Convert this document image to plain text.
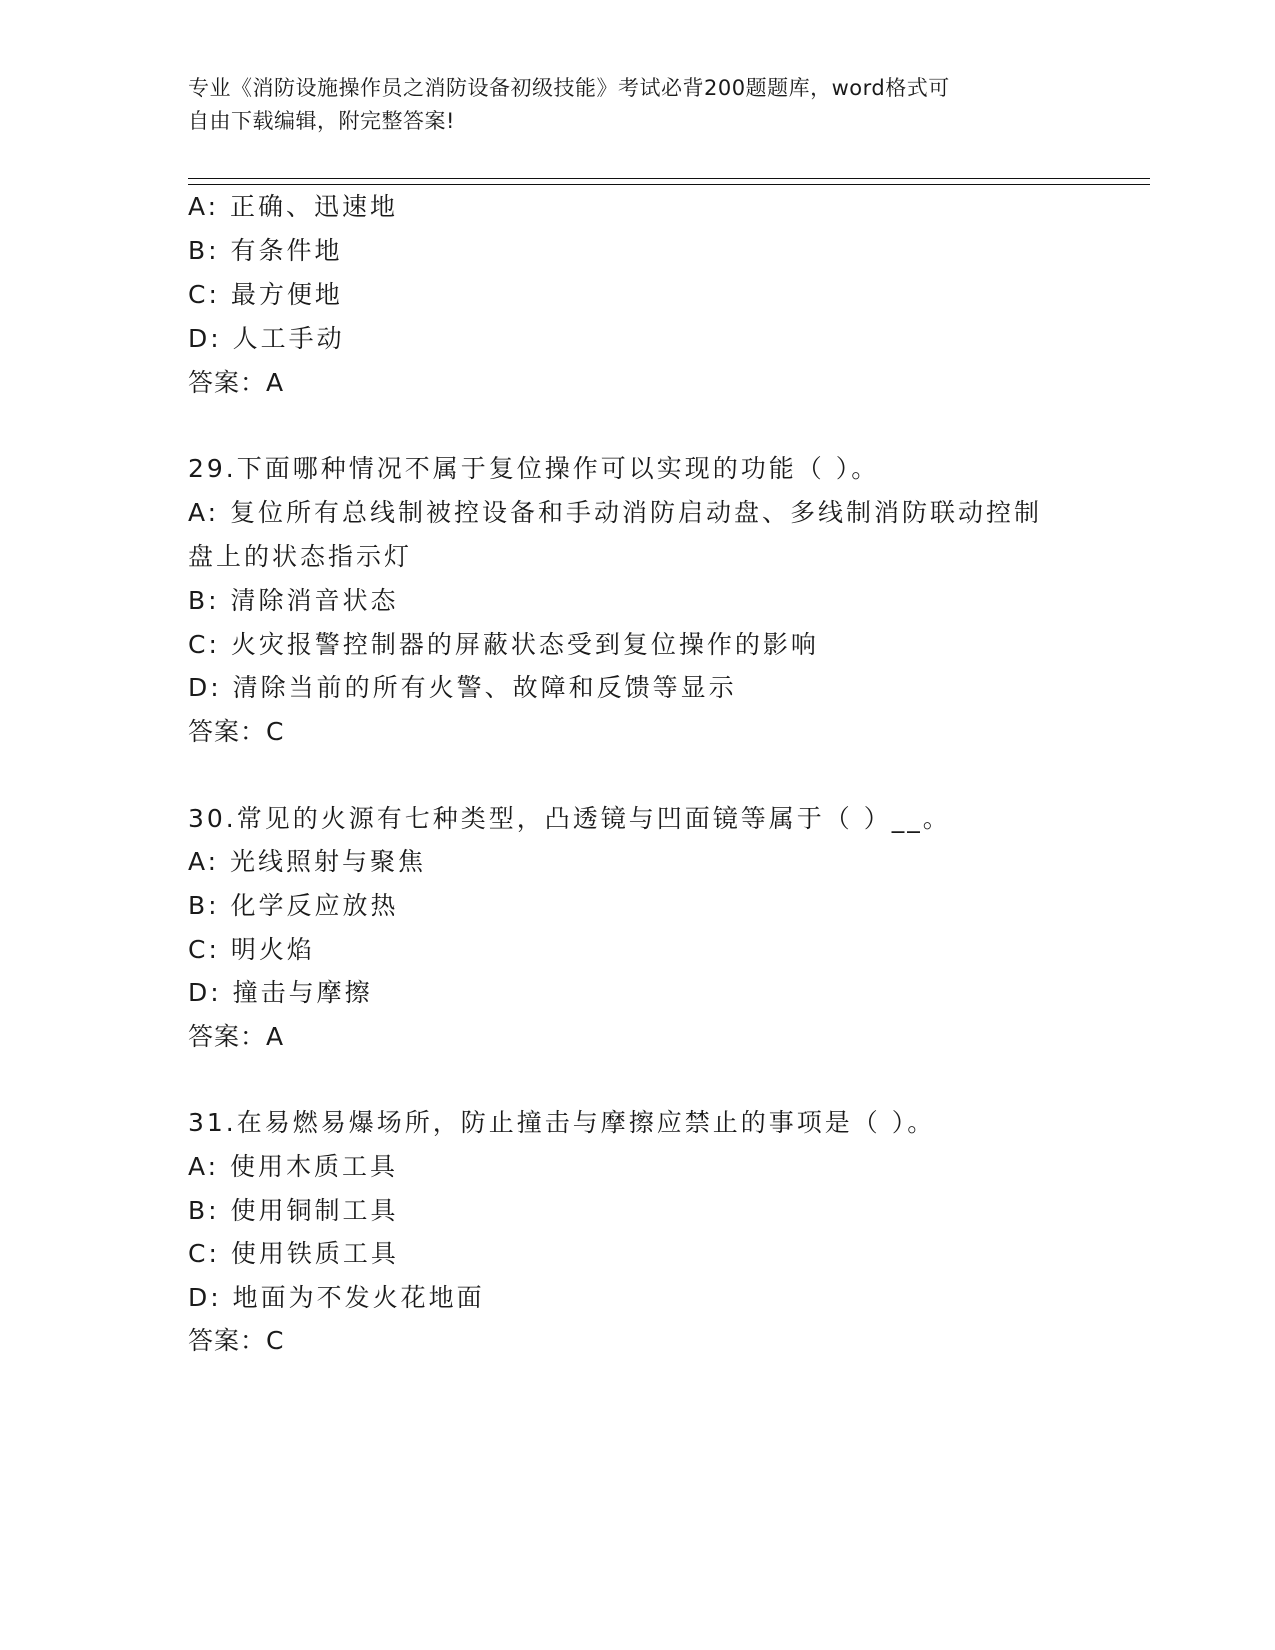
专业《消防设施操作员之消防设备初级技能》考试必背200题题库，word格式可
自由下载编辑，附完整答案!
A: 正确、迅速地
B: 有条件地
C: 最方便地
D: 人工手动
答案：A
29.下面哪种情况不属于复位操作可以实现的功能（ ）。
A: 复位所有总线制被控设备和手动消防启动盘、多线制消防联动控制
盘上的状态指示灯
B: 清除消音状态
C: 火灾报警控制器的屏蔽状态受到复位操作的影响
D: 清除当前的所有火警、故障和反馈等显示
答案：C
30.常见的火源有七种类型，凸透镜与凹面镜等属于（ ）__。
A: 光线照射与聚焦
B: 化学反应放热
C: 明火焰
D: 撞击与摩擦
答案：A
31.在易燃易爆场所，防止撞击与摩擦应禁止的事项是（ ）。
A: 使用木质工具
B: 使用铜制工具
C: 使用铁质工具
D: 地面为不发火花地面
答案：C
